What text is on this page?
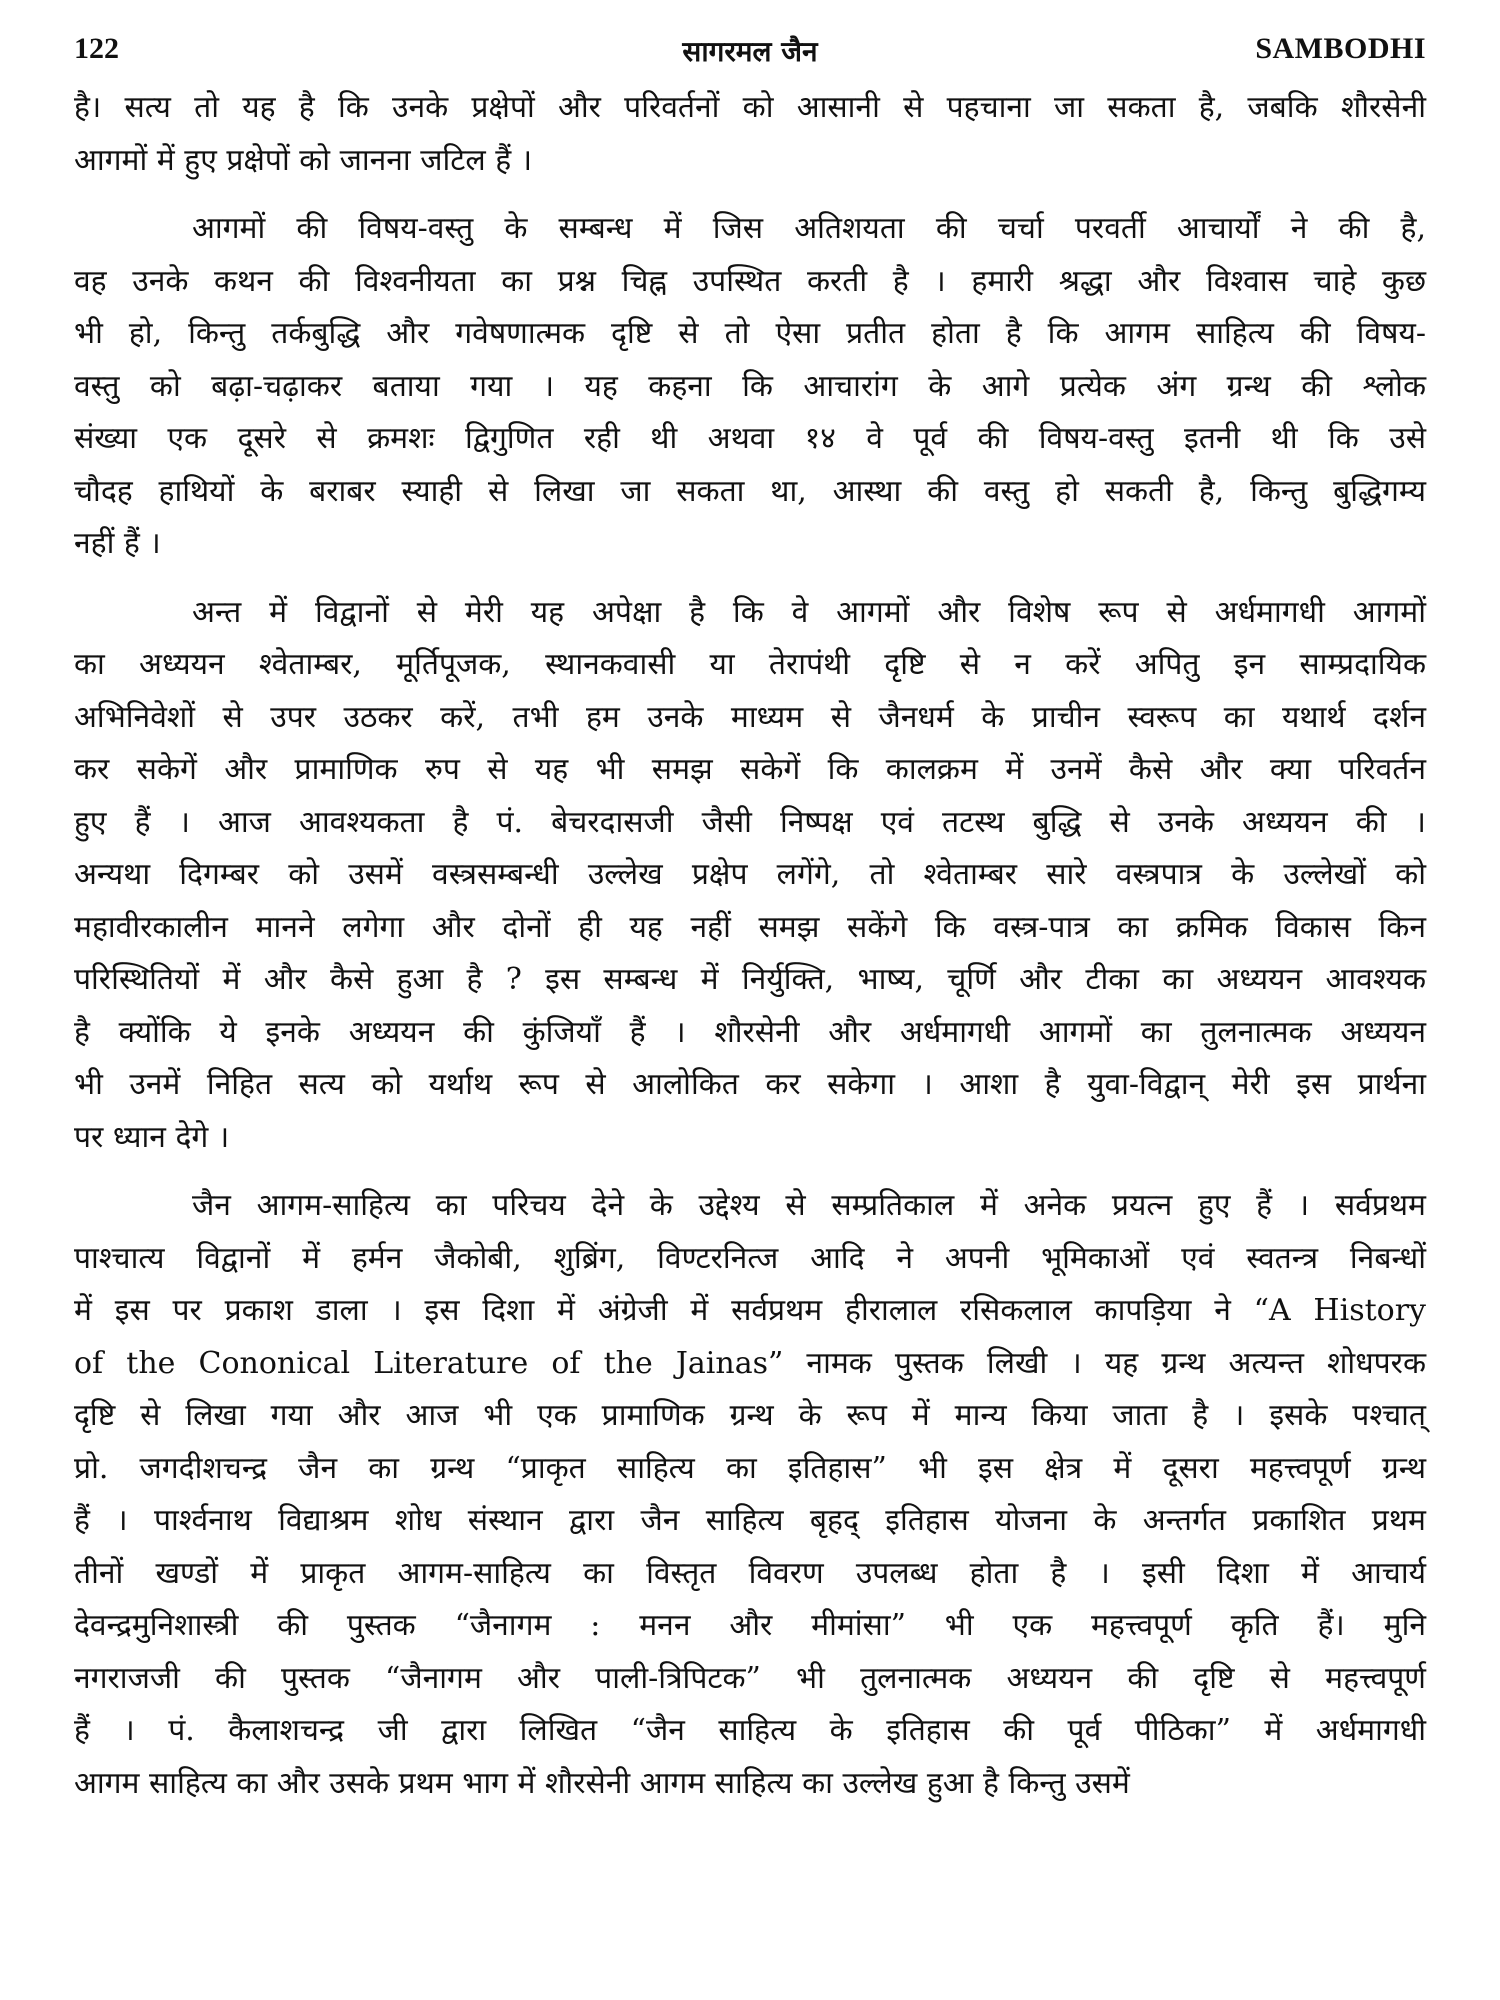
122	सागरमल जैन	SAMBODHI
है। सत्य तो यह है कि उनके प्रक्षेपों और परिवर्तनों को आसानी से पहचाना जा सकता है, जबकि शौरसेनी
आगमों में हुए प्रक्षेपों को जानना जटिल हैं ।
आगमों की विषय-वस्तु के सम्बन्ध में जिस अतिशयता की चर्चा परवर्ती आचार्यों ने की है,
वह उनके कथन की विश्वनीयता का प्रश्न चिह्न उपस्थित करती है । हमारी श्रद्धा और विश्वास चाहे कुछ
भी हो, किन्तु तर्कबुद्धि और गवेषणात्मक दृष्टि से तो ऐसा प्रतीत होता है कि आगम साहित्य की विषय-
वस्तु को बढ़ा-चढ़ाकर बताया गया । यह कहना कि आचारांग के आगे प्रत्येक अंग ग्रन्थ की श्लोक
संख्या एक दूसरे से क्रमशः द्विगुणित रही थी अथवा १४ वे पूर्व की विषय-वस्तु इतनी थी कि उसे
चौदह हाथियों के बराबर स्याही से लिखा जा सकता था, आस्था की वस्तु हो सकती है, किन्तु बुद्धिगम्य
नहीं हैं ।
अन्त में विद्वानों से मेरी यह अपेक्षा है कि वे आगमों और विशेष रूप से अर्धमागधी आगमों
का अध्ययन श्वेताम्बर, मूर्तिपूजक, स्थानकवासी या तेरापंथी दृष्टि से न करें अपितु इन साम्प्रदायिक
अभिनिवेशों से उपर उठकर करें, तभी हम उनके माध्यम से जैनधर्म के प्राचीन स्वरूप का यथार्थ दर्शन
कर सकेगें और प्रामाणिक रुप से यह भी समझ सकेगें कि कालक्रम में उनमें कैसे और क्या परिवर्तन
हुए हैं । आज आवश्यकता है पं. बेचरदासजी जैसी निष्पक्ष एवं तटस्थ बुद्धि से उनके अध्ययन की ।
अन्यथा दिगम्बर को उसमें वस्त्रसम्बन्धी उल्लेख प्रक्षेप लगेंगे, तो श्वेताम्बर सारे वस्त्रपात्र के उल्लेखों को
महावीरकालीन मानने लगेगा और दोनों ही यह नहीं समझ सकेंगे कि वस्त्र-पात्र का क्रमिक विकास किन
परिस्थितियों में और कैसे हुआ है ? इस सम्बन्ध में निर्युक्ति, भाष्य, चूर्णि और टीका का अध्ययन आवश्यक
है क्योंकि ये इनके अध्ययन की कुंजियाँ हैं । शौरसेनी और अर्धमागधी आगमों का तुलनात्मक अध्ययन
भी उनमें निहित सत्य को यर्थाथ रूप से आलोकित कर सकेगा । आशा है युवा-विद्वान् मेरी इस प्रार्थना
पर ध्यान देगे ।
जैन आगम-साहित्य का परिचय देने के उद्देश्य से सम्प्रतिकाल में अनेक प्रयत्न हुए हैं । सर्वप्रथम
पाश्चात्य विद्वानों में हर्मन जैकोबी, शुब्रिंग, विण्टरनित्ज आदि ने अपनी भूमिकाओं एवं स्वतन्त्र निबन्धों
में इस पर प्रकाश डाला । इस दिशा में अंग्रेजी में सर्वप्रथम हीरालाल रसिकलाल कापड़िया ने “A History
of the Cononical Literature of the Jainas” नामक पुस्तक लिखी । यह ग्रन्थ अत्यन्त शोधपरक
दृष्टि से लिखा गया और आज भी एक प्रामाणिक ग्रन्थ के रूप में मान्य किया जाता है । इसके पश्चात्
प्रो. जगदीशचन्द्र जैन का ग्रन्थ “प्राकृत साहित्य का इतिहास” भी इस क्षेत्र में दूसरा महत्त्वपूर्ण ग्रन्थ
हैं । पार्श्वनाथ विद्याश्रम शोध संस्थान द्वारा जैन साहित्य बृहद् इतिहास योजना के अन्तर्गत प्रकाशित प्रथम
तीनों खण्डों में प्राकृत आगम-साहित्य का विस्तृत विवरण उपलब्ध होता है । इसी दिशा में आचार्य
देवन्द्रमुनिशास्त्री की पुस्तक “जैनागम : मनन और मीमांसा” भी एक महत्त्वपूर्ण कृति हैं। मुनि
नगराजजी की पुस्तक “जैनागम और पाली-त्रिपिटक” भी तुलनात्मक अध्ययन की दृष्टि से महत्त्वपूर्ण
हैं । पं. कैलाशचन्द्र जी द्वारा लिखित “जैन साहित्य के इतिहास की पूर्व पीठिका” में अर्धमागधी
आगम साहित्य का और उसके प्रथम भाग में शौरसेनी आगम साहित्य का उल्लेख हुआ है किन्तु उसमें
